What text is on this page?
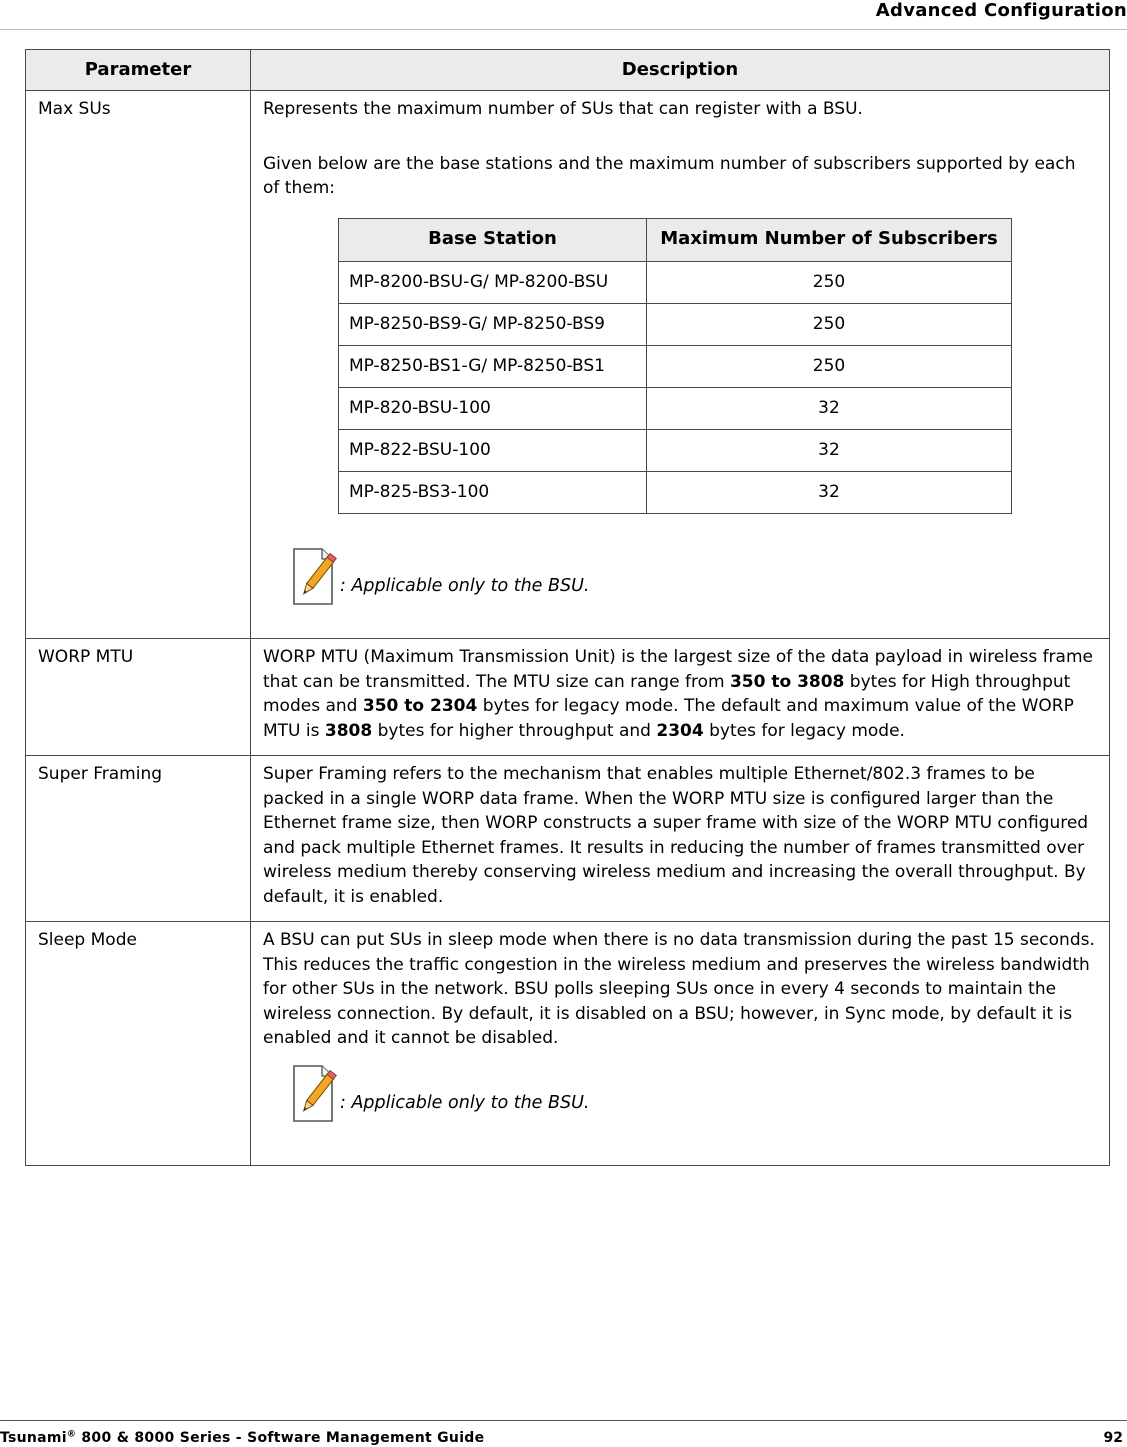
Advanced Configuration
Parameter	Description
Max SUs	Represents the maximum number of SUs that can register with a BSU.

Given below are the base stations and the maximum number of subscribers supported by each of them:

Base Station	Maximum Number of Subscribers
MP-8200-BSU-G/ MP-8200-BSU	250
MP-8250-BS9-G/ MP-8250-BS9	250
MP-8250-BS1-G/ MP-8250-BS1	250
MP-820-BSU-100	32
MP-822-BSU-100	32
MP-825-BS3-100	32
: Applicable only to the BSU.

WORP MTU	WORP MTU (Maximum Transmission Unit) is the largest size of the data payload in wireless frame that can be transmitted. The MTU size can range from 350 to 3808 bytes for High throughput modes and 350 to 2304 bytes for legacy mode. The default and maximum value of the WORP MTU is 3808 bytes for higher throughput and 2304 bytes for legacy mode.

Super Framing	Super Framing refers to the mechanism that enables multiple Ethernet/802.3 frames to be packed in a single WORP data frame. When the WORP MTU size is configured larger than the Ethernet frame size, then WORP constructs a super frame with size of the WORP MTU configured and pack multiple Ethernet frames. It results in reducing the number of frames transmitted over wireless medium thereby conserving wireless medium and increasing the overall throughput. By default, it is enabled.

Sleep Mode	A BSU can put SUs in sleep mode when there is no data transmission during the past 15 seconds. This reduces the traffic congestion in the wireless medium and preserves the wireless bandwidth for other SUs in the network. BSU polls sleeping SUs once in every 4 seconds to maintain the wireless connection. By default, it is disabled on a BSU; however, in Sync mode, by default it is enabled and it cannot be disabled.

: Applicable only to the BSU.
Tsunami® 800 & 8000 Series - Software Management Guide	92
